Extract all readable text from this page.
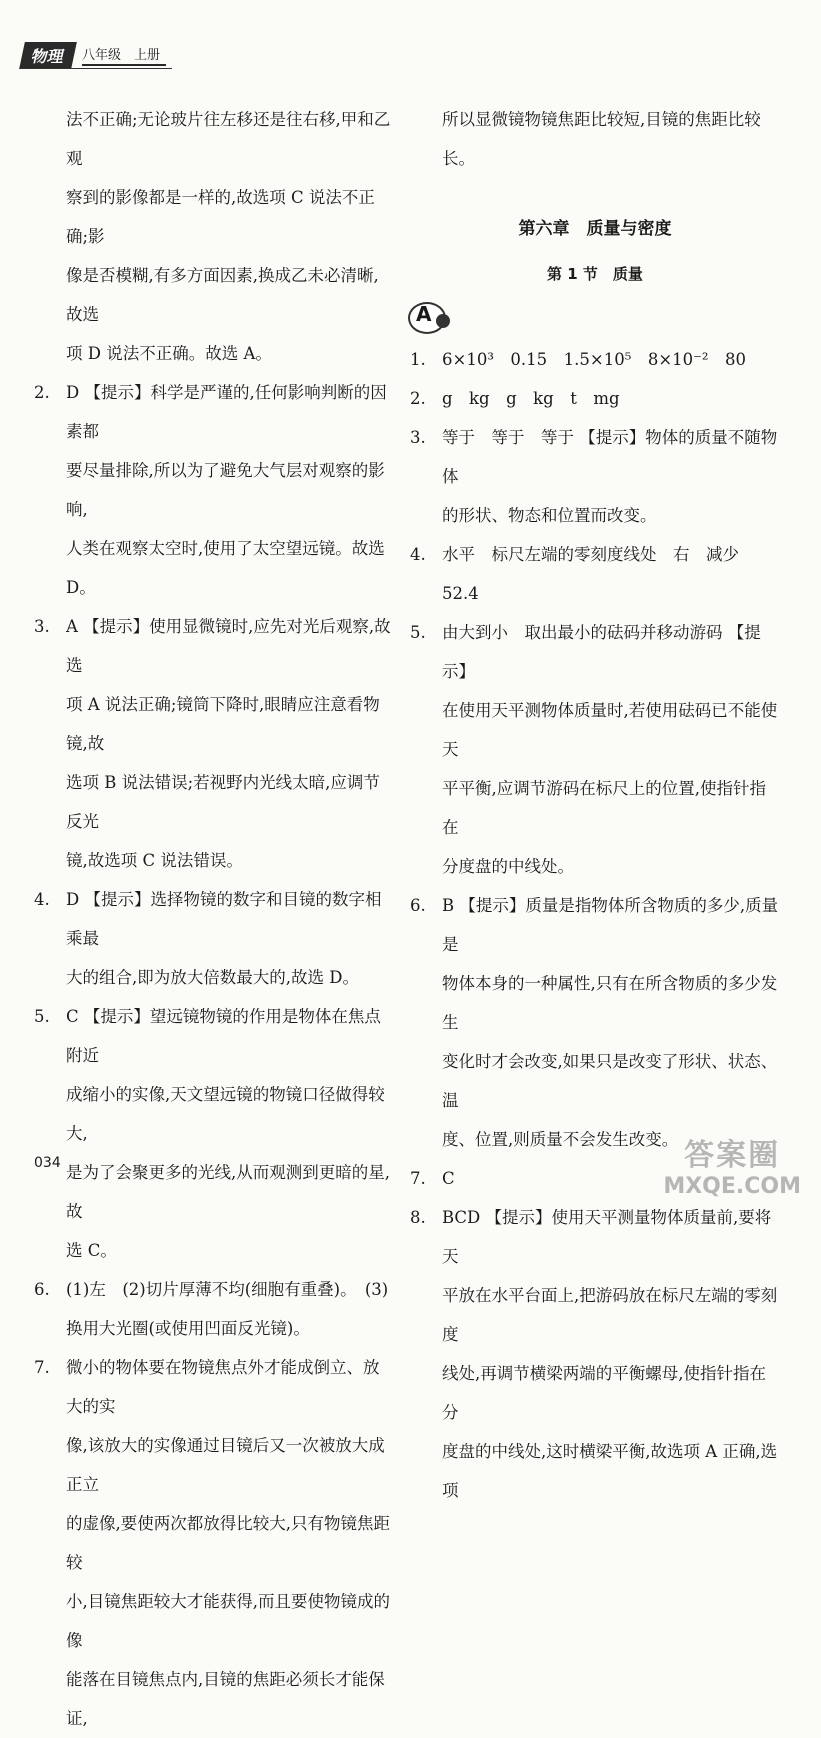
物理	八年级　上册
法不正确;无论玻片往左移还是往右移,甲和乙观
察到的影像都是一样的,故选项 C 说法不正确;影
像是否模糊,有多方面因素,换成乙未必清晰,故选
项 D 说法不正确。故选 A。
2. D 【提示】科学是严谨的,任何影响判断的因素都
要尽量排除,所以为了避免大气层对观察的影响,
人类在观察太空时,使用了太空望远镜。故选 D。
3. A 【提示】使用显微镜时,应先对光后观察,故选
项 A 说法正确;镜筒下降时,眼睛应注意看物镜,故
选项 B 说法错误;若视野内光线太暗,应调节反光
镜,故选项 C 说法错误。
4. D 【提示】选择物镜的数字和目镜的数字相乘最
大的组合,即为放大倍数最大的,故选 D。
5. C 【提示】望远镜物镜的作用是物体在焦点附近
成缩小的实像,天文望远镜的物镜口径做得较大,
是为了会聚更多的光线,从而观测到更暗的星,故
选 C。
6. (1)左　(2)切片厚薄不均(细胞有重叠)。　(3)
换用大光圈(或使用凹面反光镜)。
7. 微小的物体要在物镜焦点外才能成倒立、放大的实
像,该放大的实像通过目镜后又一次被放大成正立
的虚像,要使两次都放得比较大,只有物镜焦距较
小,目镜焦距较大才能获得,而且要使物镜成的像
能落在目镜焦点内,目镜的焦距必须长才能保证,
所以显微镜物镜焦距比较短,目镜的焦距比较长。
第六章　质量与密度
第 1 节　质量
A
1. 6×10³　0.15　1.5×10⁵　8×10⁻²　80
2. g　kg　g　kg　t　mg
3. 等于　等于　等于 【提示】物体的质量不随物体
的形状、物态和位置而改变。
4. 水平　标尺左端的零刻度线处　右　减少　52.4
5. 由大到小　取出最小的砝码并移动游码 【提示】
在使用天平测物体质量时,若使用砝码已不能使天
平平衡,应调节游码在标尺上的位置,使指针指在
分度盘的中线处。
6. B 【提示】质量是指物体所含物质的多少,质量是
物体本身的一种属性,只有在所含物质的多少发生
变化时才会改变,如果只是改变了形状、状态、温
度、位置,则质量不会发生改变。
7. C
8. BCD 【提示】使用天平测量物体质量前,要将天
平放在水平台面上,把游码放在标尺左端的零刻度
线处,再调节横梁两端的平衡螺母,使指针指在分
度盘的中线处,这时横梁平衡,故选项 A 正确,选项
034	答案圈
MXQE.COM
